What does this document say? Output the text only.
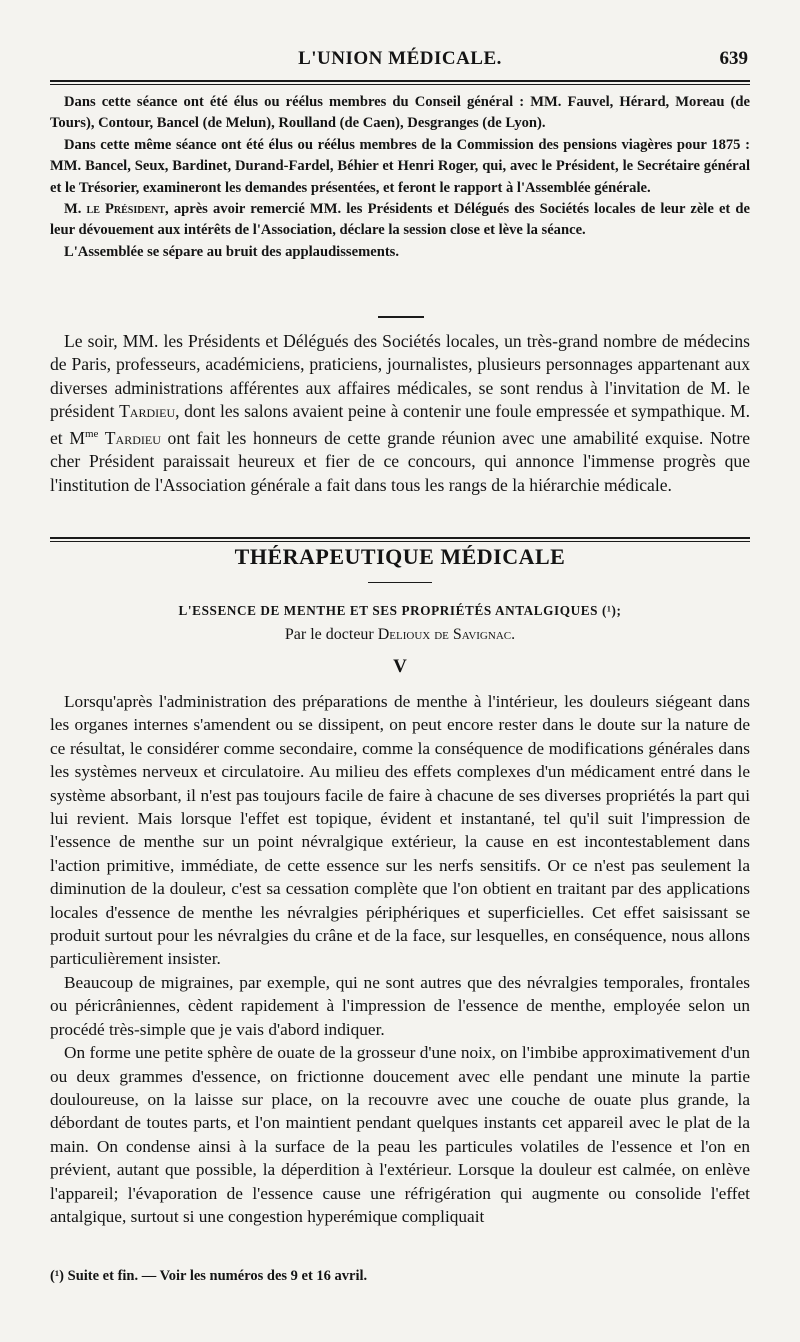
L'UNION MÉDICALE.	639

Dans cette séance ont été élus ou réélus membres du Conseil général : MM. Fauvel, Hérard, Moreau (de Tours), Contour, Bancel (de Melun), Roulland (de Caen), Desgranges (de Lyon).

Dans cette même séance ont été élus ou réélus membres de la Commission des pensions viagères pour 1875 : MM. Bancel, Seux, Bardinet, Durand-Fardel, Béhier et Henri Roger, qui, avec le Président, le Secrétaire général et le Trésorier, examineront les demandes présentées, et feront le rapport à l'Assemblée générale.

M. le Président, après avoir remercié MM. les Présidents et Délégués des Sociétés locales de leur zèle et de leur dévouement aux intérêts de l'Association, déclare la session close et lève la séance.

L'Assemblée se sépare au bruit des applaudissements.

Le soir, MM. les Présidents et Délégués des Sociétés locales, un très-grand nombre de médecins de Paris, professeurs, académiciens, praticiens, journalistes, plusieurs personnages appartenant aux diverses administrations afférentes aux affaires médicales, se sont rendus à l'invitation de M. le président Tardieu, dont les salons avaient peine à contenir une foule empressée et sympathique. M. et $M^{me}$ Tardieu ont fait les honneurs de cette grande réunion avec une amabilité exquise. Notre cher Président paraissait heureux et fier de ce concours, qui annonce l'immense progrès que l'institution de l'Association générale a fait dans tous les rangs de la hiérarchie médicale.

THÉRAPEUTIQUE MÉDICALE
L'ESSENCE DE MENTHE ET SES PROPRIÉTÉS ANTALGIQUES (¹);
Par le docteur Delioux de Savignac.
V

Lorsqu'après l'administration des préparations de menthe à l'intérieur, les douleurs siégeant dans les organes internes s'amendent ou se dissipent, on peut encore rester dans le doute sur la nature de ce résultat, le considérer comme secondaire, comme la conséquence de modifications générales dans les systèmes nerveux et circulatoire. Au milieu des effets complexes d'un médicament entré dans le système absorbant, il n'est pas toujours facile de faire à chacune de ses diverses propriétés la part qui lui revient. Mais lorsque l'effet est topique, évident et instantané, tel qu'il suit l'impression de l'essence de menthe sur un point névralgique extérieur, la cause en est incontestablement dans l'action primitive, immédiate, de cette essence sur les nerfs sensitifs. Or ce n'est pas seulement la diminution de la douleur, c'est sa cessation complète que l'on obtient en traitant par des applications locales d'essence de menthe les névralgies périphériques et superficielles. Cet effet saisissant se produit surtout pour les névralgies du crâne et de la face, sur lesquelles, en conséquence, nous allons particulièrement insister.

Beaucoup de migraines, par exemple, qui ne sont autres que des névralgies temporales, frontales ou péricrâniennes, cèdent rapidement à l'impression de l'essence de menthe, employée selon un procédé très-simple que je vais d'abord indiquer.

On forme une petite sphère de ouate de la grosseur d'une noix, on l'imbibe approximativement d'un ou deux grammes d'essence, on frictionne doucement avec elle pendant une minute la partie douloureuse, on la laisse sur place, on la recouvre avec une couche de ouate plus grande, la débordant de toutes parts, et l'on maintient pendant quelques instants cet appareil avec le plat de la main. On condense ainsi à la surface de la peau les particules volatiles de l'essence et l'on en prévient, autant que possible, la déperdition à l'extérieur. Lorsque la douleur est calmée, on enlève l'appareil; l'évaporation de l'essence cause une réfrigération qui augmente ou consolide l'effet antalgique, surtout si une congestion hyperémique compliquait

(¹) Suite et fin. — Voir les numéros des 9 et 16 avril.
